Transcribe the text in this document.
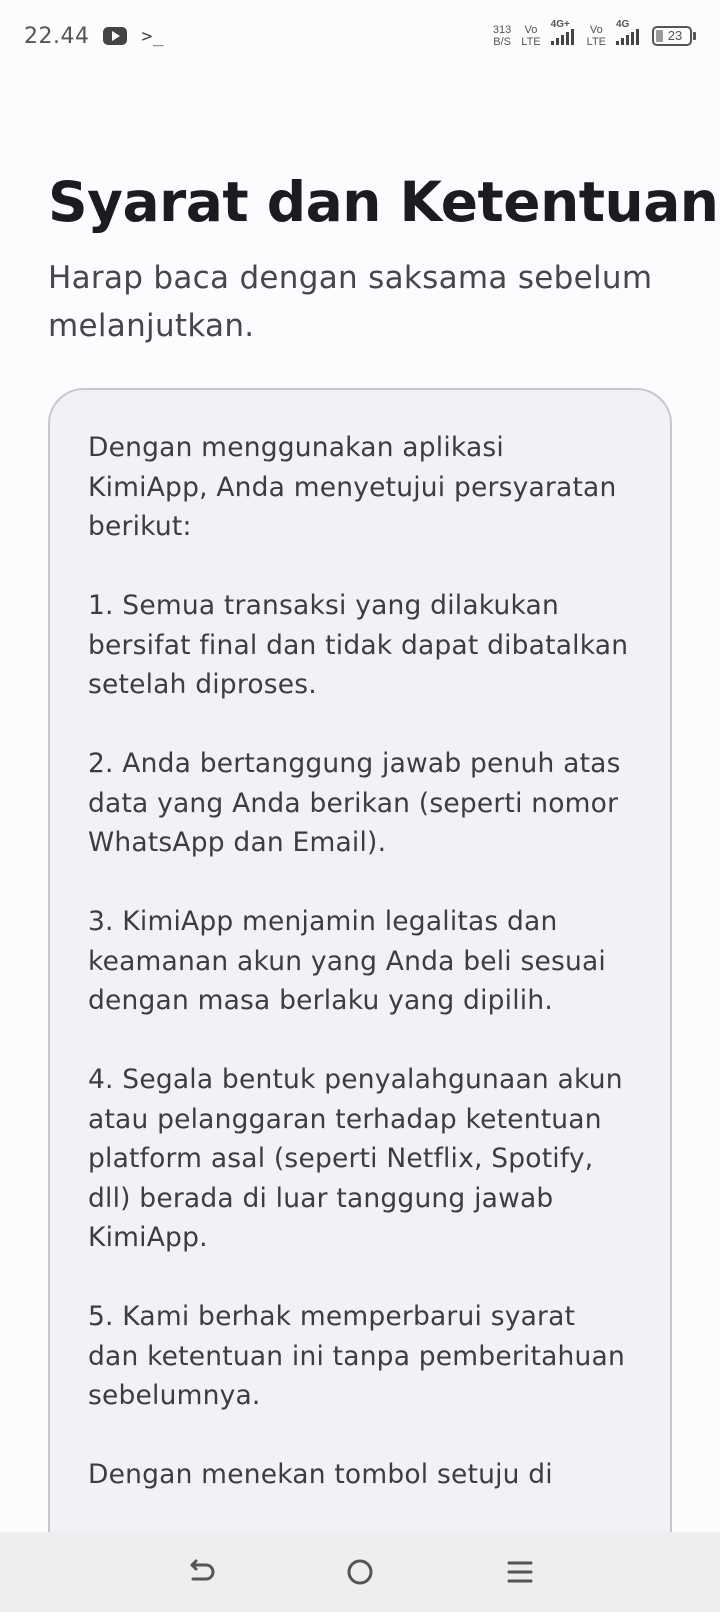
22.44	>_	313
B/S
Vo
LTE
4G+ Vo
LTE
4G
23
Syarat dan Ketentuan

Harap baca dengan saksama sebelum melanjutkan.

Dengan menggunakan aplikasi KimiApp, Anda menyetujui persyaratan berikut:

1. Semua transaksi yang dilakukan bersifat final dan tidak dapat dibatalkan setelah diproses.

2. Anda bertanggung jawab penuh atas data yang Anda berikan (seperti nomor WhatsApp dan Email).

3. KimiApp menjamin legalitas dan keamanan akun yang Anda beli sesuai dengan masa berlaku yang dipilih.

4. Segala bentuk penyalahgunaan akun atau pelanggaran terhadap ketentuan platform asal (seperti Netflix, Spotify, dll) berada di luar tanggung jawab KimiApp.

5. Kami berhak memperbarui syarat dan ketentuan ini tanpa pemberitahuan sebelumnya.

Dengan menekan tombol setuju di
